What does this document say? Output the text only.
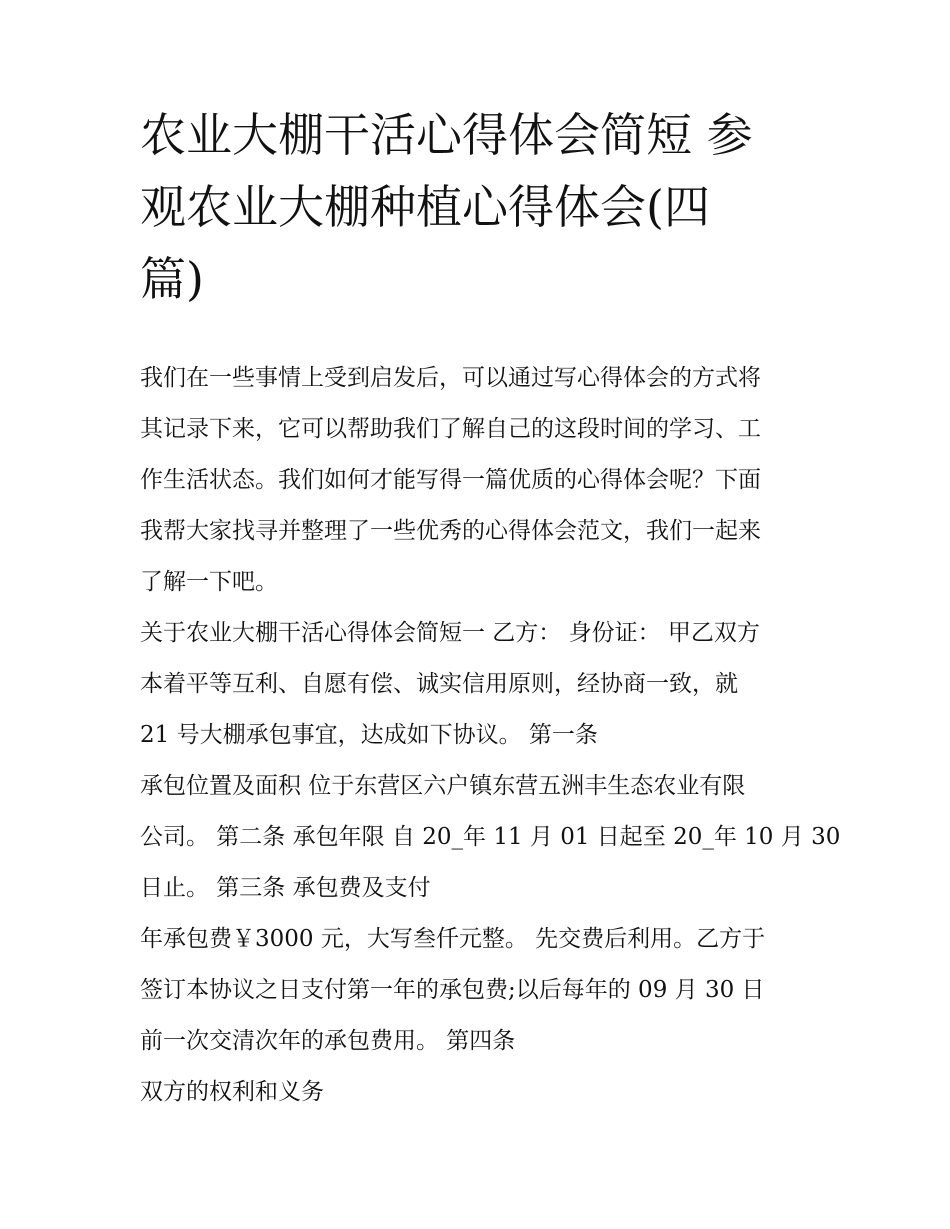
农业大棚干活心得体会简短 参
观农业大棚种植心得体会(四
篇)
我们在一些事情上受到启发后，可以通过写心得体会的方式将
其记录下来，它可以帮助我们了解自己的这段时间的学习、工
作生活状态。我们如何才能写得一篇优质的心得体会呢？下面
我帮大家找寻并整理了一些优秀的心得体会范文，我们一起来
了解一下吧。
关于农业大棚干活心得体会简短一 乙方： 身份证： 甲乙双方
本着平等互利、自愿有偿、诚实信用原则，经协商一致，就
21 号大棚承包事宜，达成如下协议。 第一条
承包位置及面积 位于东营区六户镇东营五洲丰生态农业有限
公司。 第二条 承包年限 自 20_年 11 月 01 日起至 20_年 10 月 30
日止。 第三条 承包费及支付
年承包费￥3000 元，大写叁仟元整。 先交费后利用。乙方于
签订本协议之日支付第一年的承包费;以后每年的 09 月 30 日
前一次交清次年的承包费用。 第四条
双方的权利和义务
